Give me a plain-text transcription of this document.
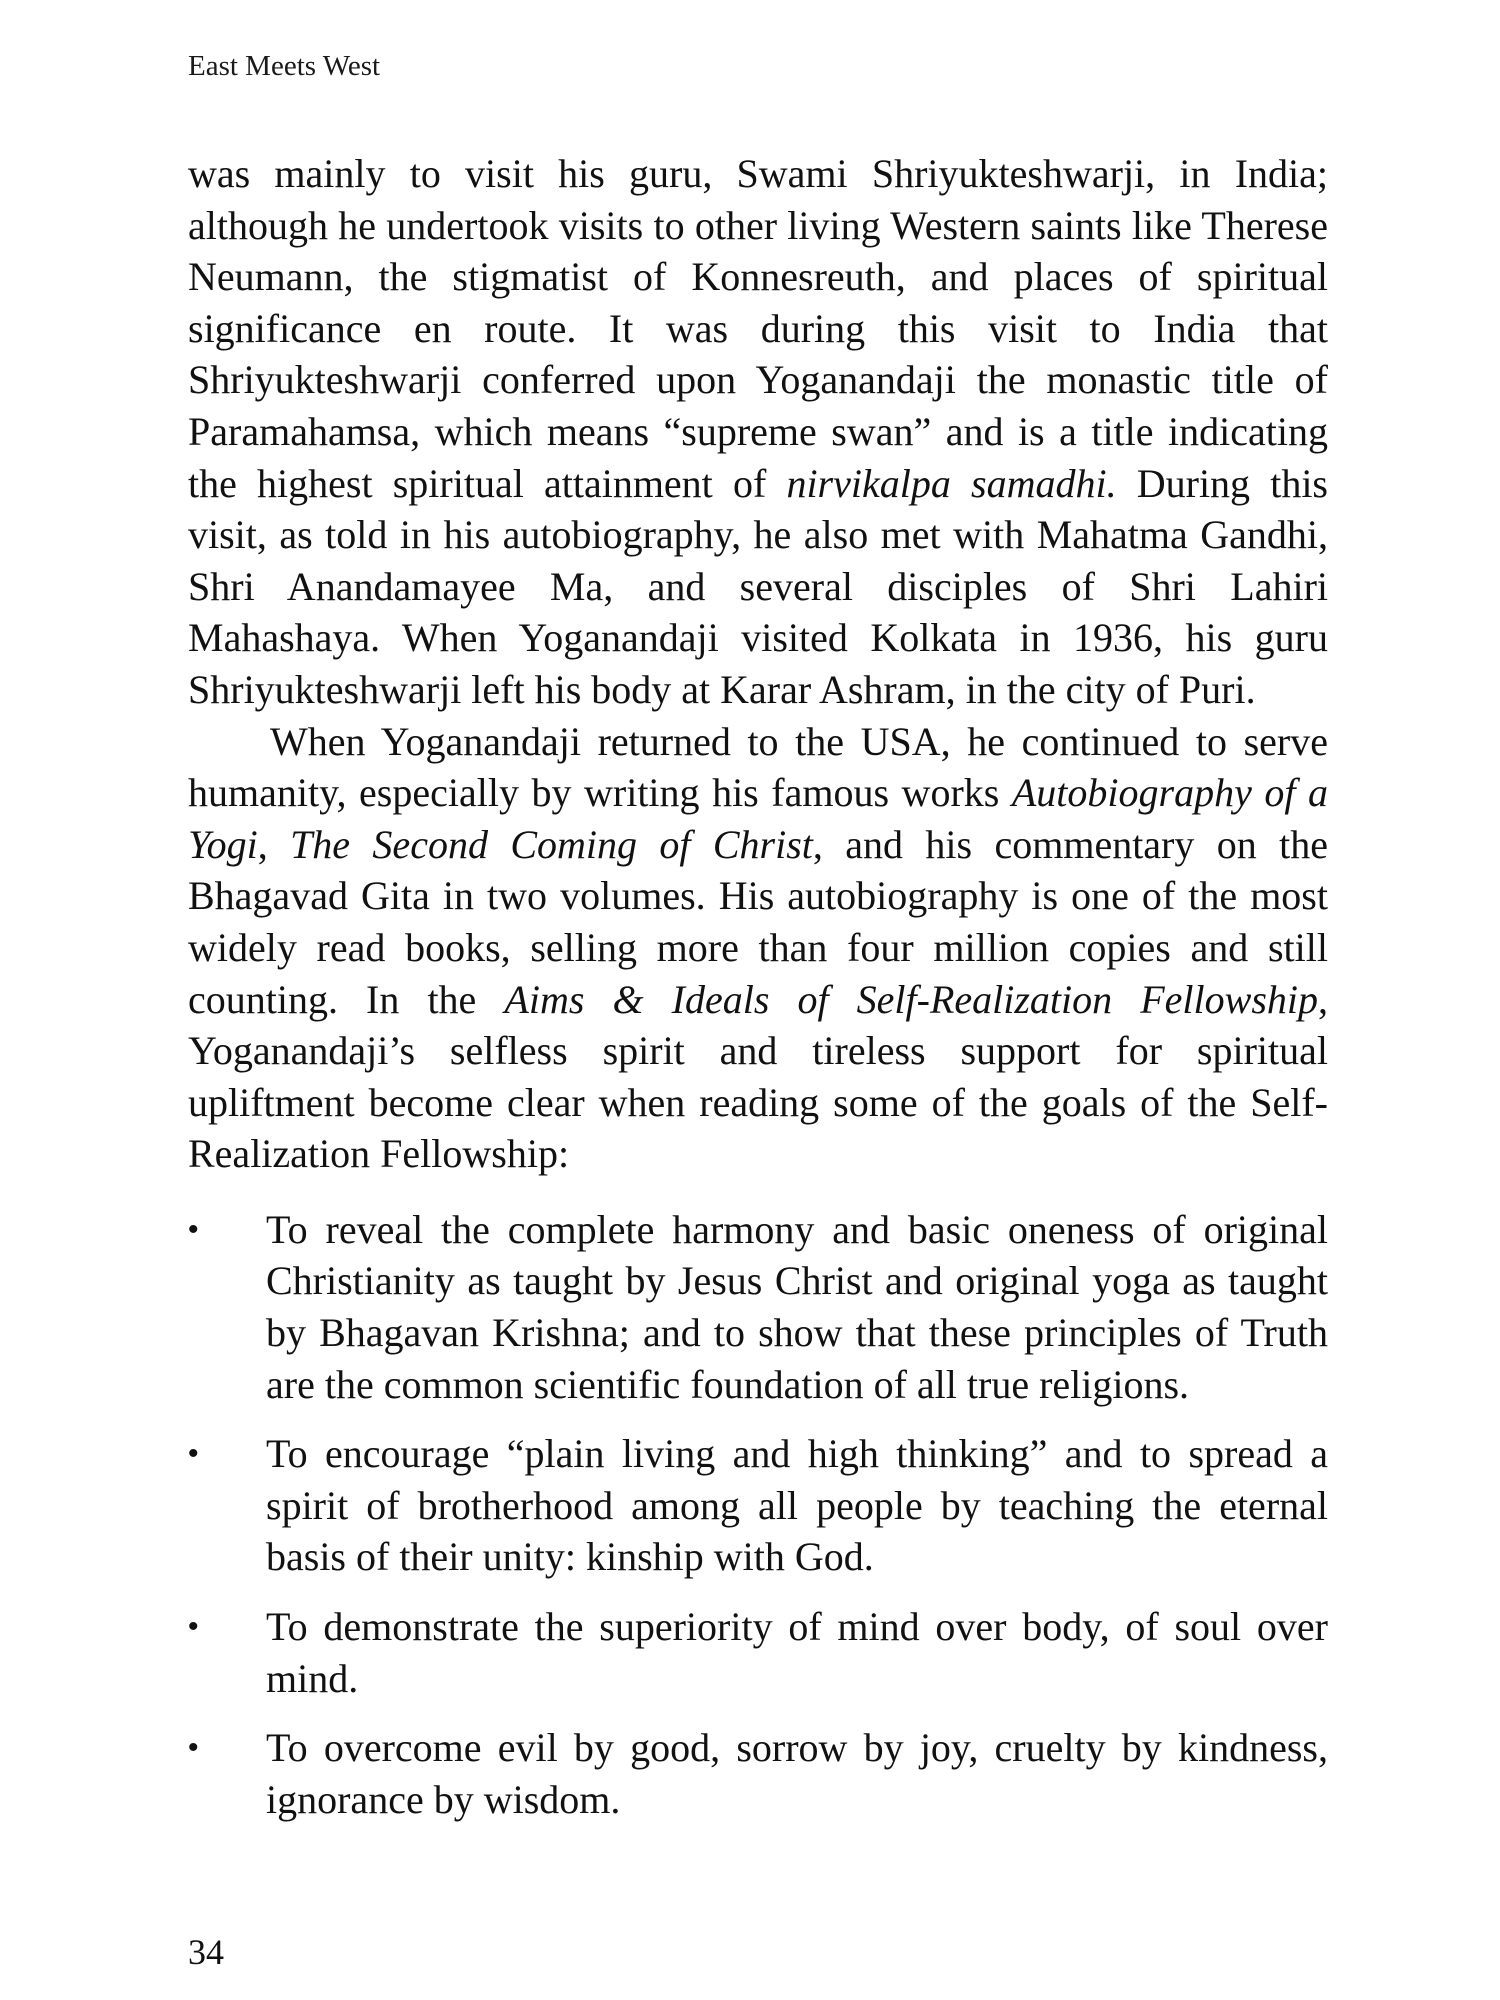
East Meets West

was mainly to visit his guru, Swami Shriyukteshwarji, in India; although he undertook visits to other living Western saints like Therese Neumann, the stigmatist of Konnesreuth, and places of spiritual significance en route. It was during this visit to India that Shriyukteshwarji conferred upon Yoganandaji the monastic title of Paramahamsa, which means “supreme swan” and is a title indicating the highest spiritual attainment of nirvikalpa samadhi. During this visit, as told in his autobiography, he also met with Mahatma Gandhi, Shri Anandamayee Ma, and several disciples of Shri Lahiri Mahashaya. When Yoganandaji visited Kolkata in 1936, his guru Shriyukteshwarji left his body at Karar Ashram, in the city of Puri.

When Yoganandaji returned to the USA, he continued to serve humanity, especially by writing his famous works Autobiography of a Yogi, The Second Coming of Christ, and his commentary on the Bhagavad Gita in two volumes. His autobiography is one of the most widely read books, selling more than four million copies and still counting. In the Aims & Ideals of Self-Realization Fellowship, Yoganandaji’s selfless spirit and tireless support for spiritual upliftment become clear when reading some of the goals of the Self-Realization Fellowship:

•	To reveal the complete harmony and basic oneness of original Christianity as taught by Jesus Christ and original yoga as taught by Bhagavan Krishna; and to show that these principles of Truth are the common scientific foundation of all true religions.
•	To encourage “plain living and high thinking” and to spread a spirit of brotherhood among all people by teaching the eternal basis of their unity: kinship with God.
•	To demonstrate the superiority of mind over body, of soul over mind.
•	To overcome evil by good, sorrow by joy, cruelty by kindness, ignorance by wisdom.
34
